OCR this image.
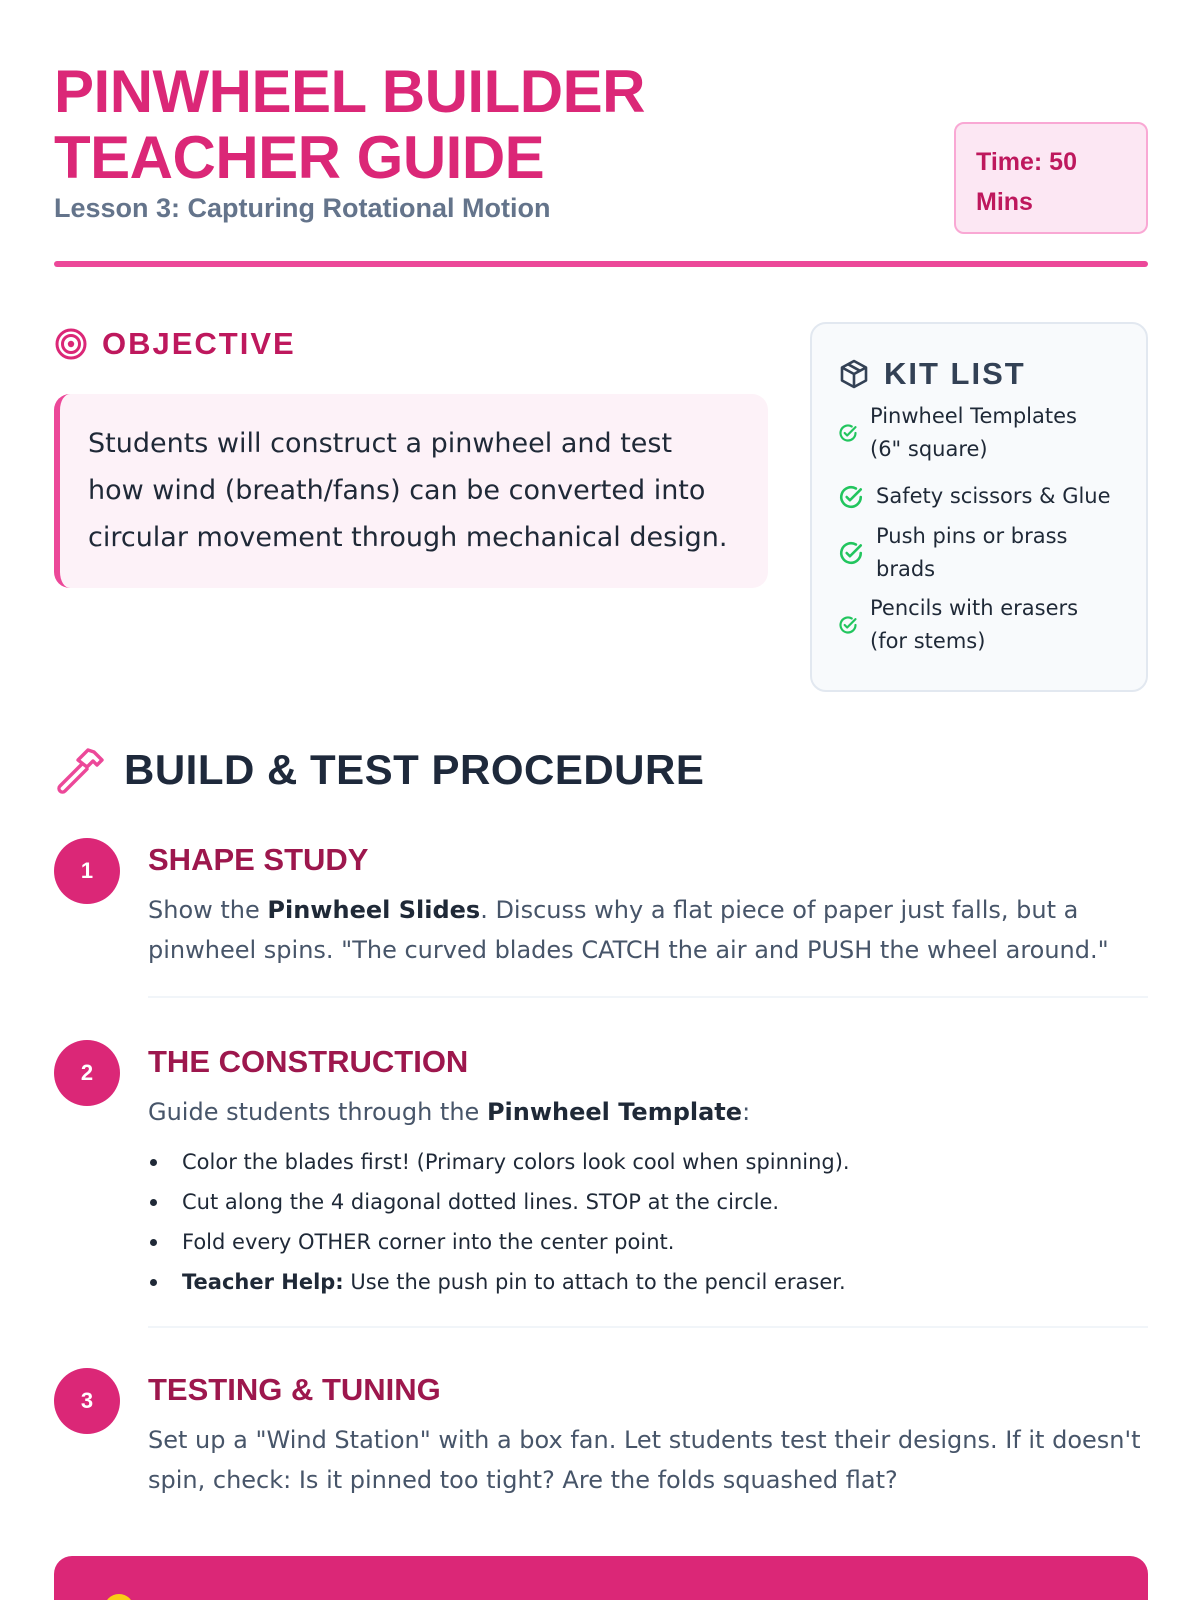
PINWHEEL BUILDER
TEACHER GUIDE
Lesson 3: Capturing Rotational Motion
Time: 50
Mins
OBJECTIVE
Students will construct a pinwheel and test how wind (breath/fans) can be converted into circular movement through mechanical design.
KIT LIST
Pinwheel Templates
(6" square)
Safety scissors & Glue
Push pins or brass
brads
Pencils with erasers
(for stems)
BUILD & TEST PROCEDURE
1	SHAPE STUDY
Show the Pinwheel Slides. Discuss why a flat piece of paper just falls, but a
pinwheel spins. "The curved blades CATCH the air and PUSH the wheel around."
2	THE CONSTRUCTION
Guide students through the Pinwheel Template:
Color the blades first! (Primary colors look cool when spinning).
Cut along the 4 diagonal dotted lines. STOP at the circle.
Fold every OTHER corner into the center point.
Teacher Help: Use the push pin to attach to the pencil eraser.
3	TESTING & TUNING
Set up a "Wind Station" with a box fan. Let students test their designs. If it doesn't
spin, check: Is it pinned too tight? Are the folds squashed flat?
